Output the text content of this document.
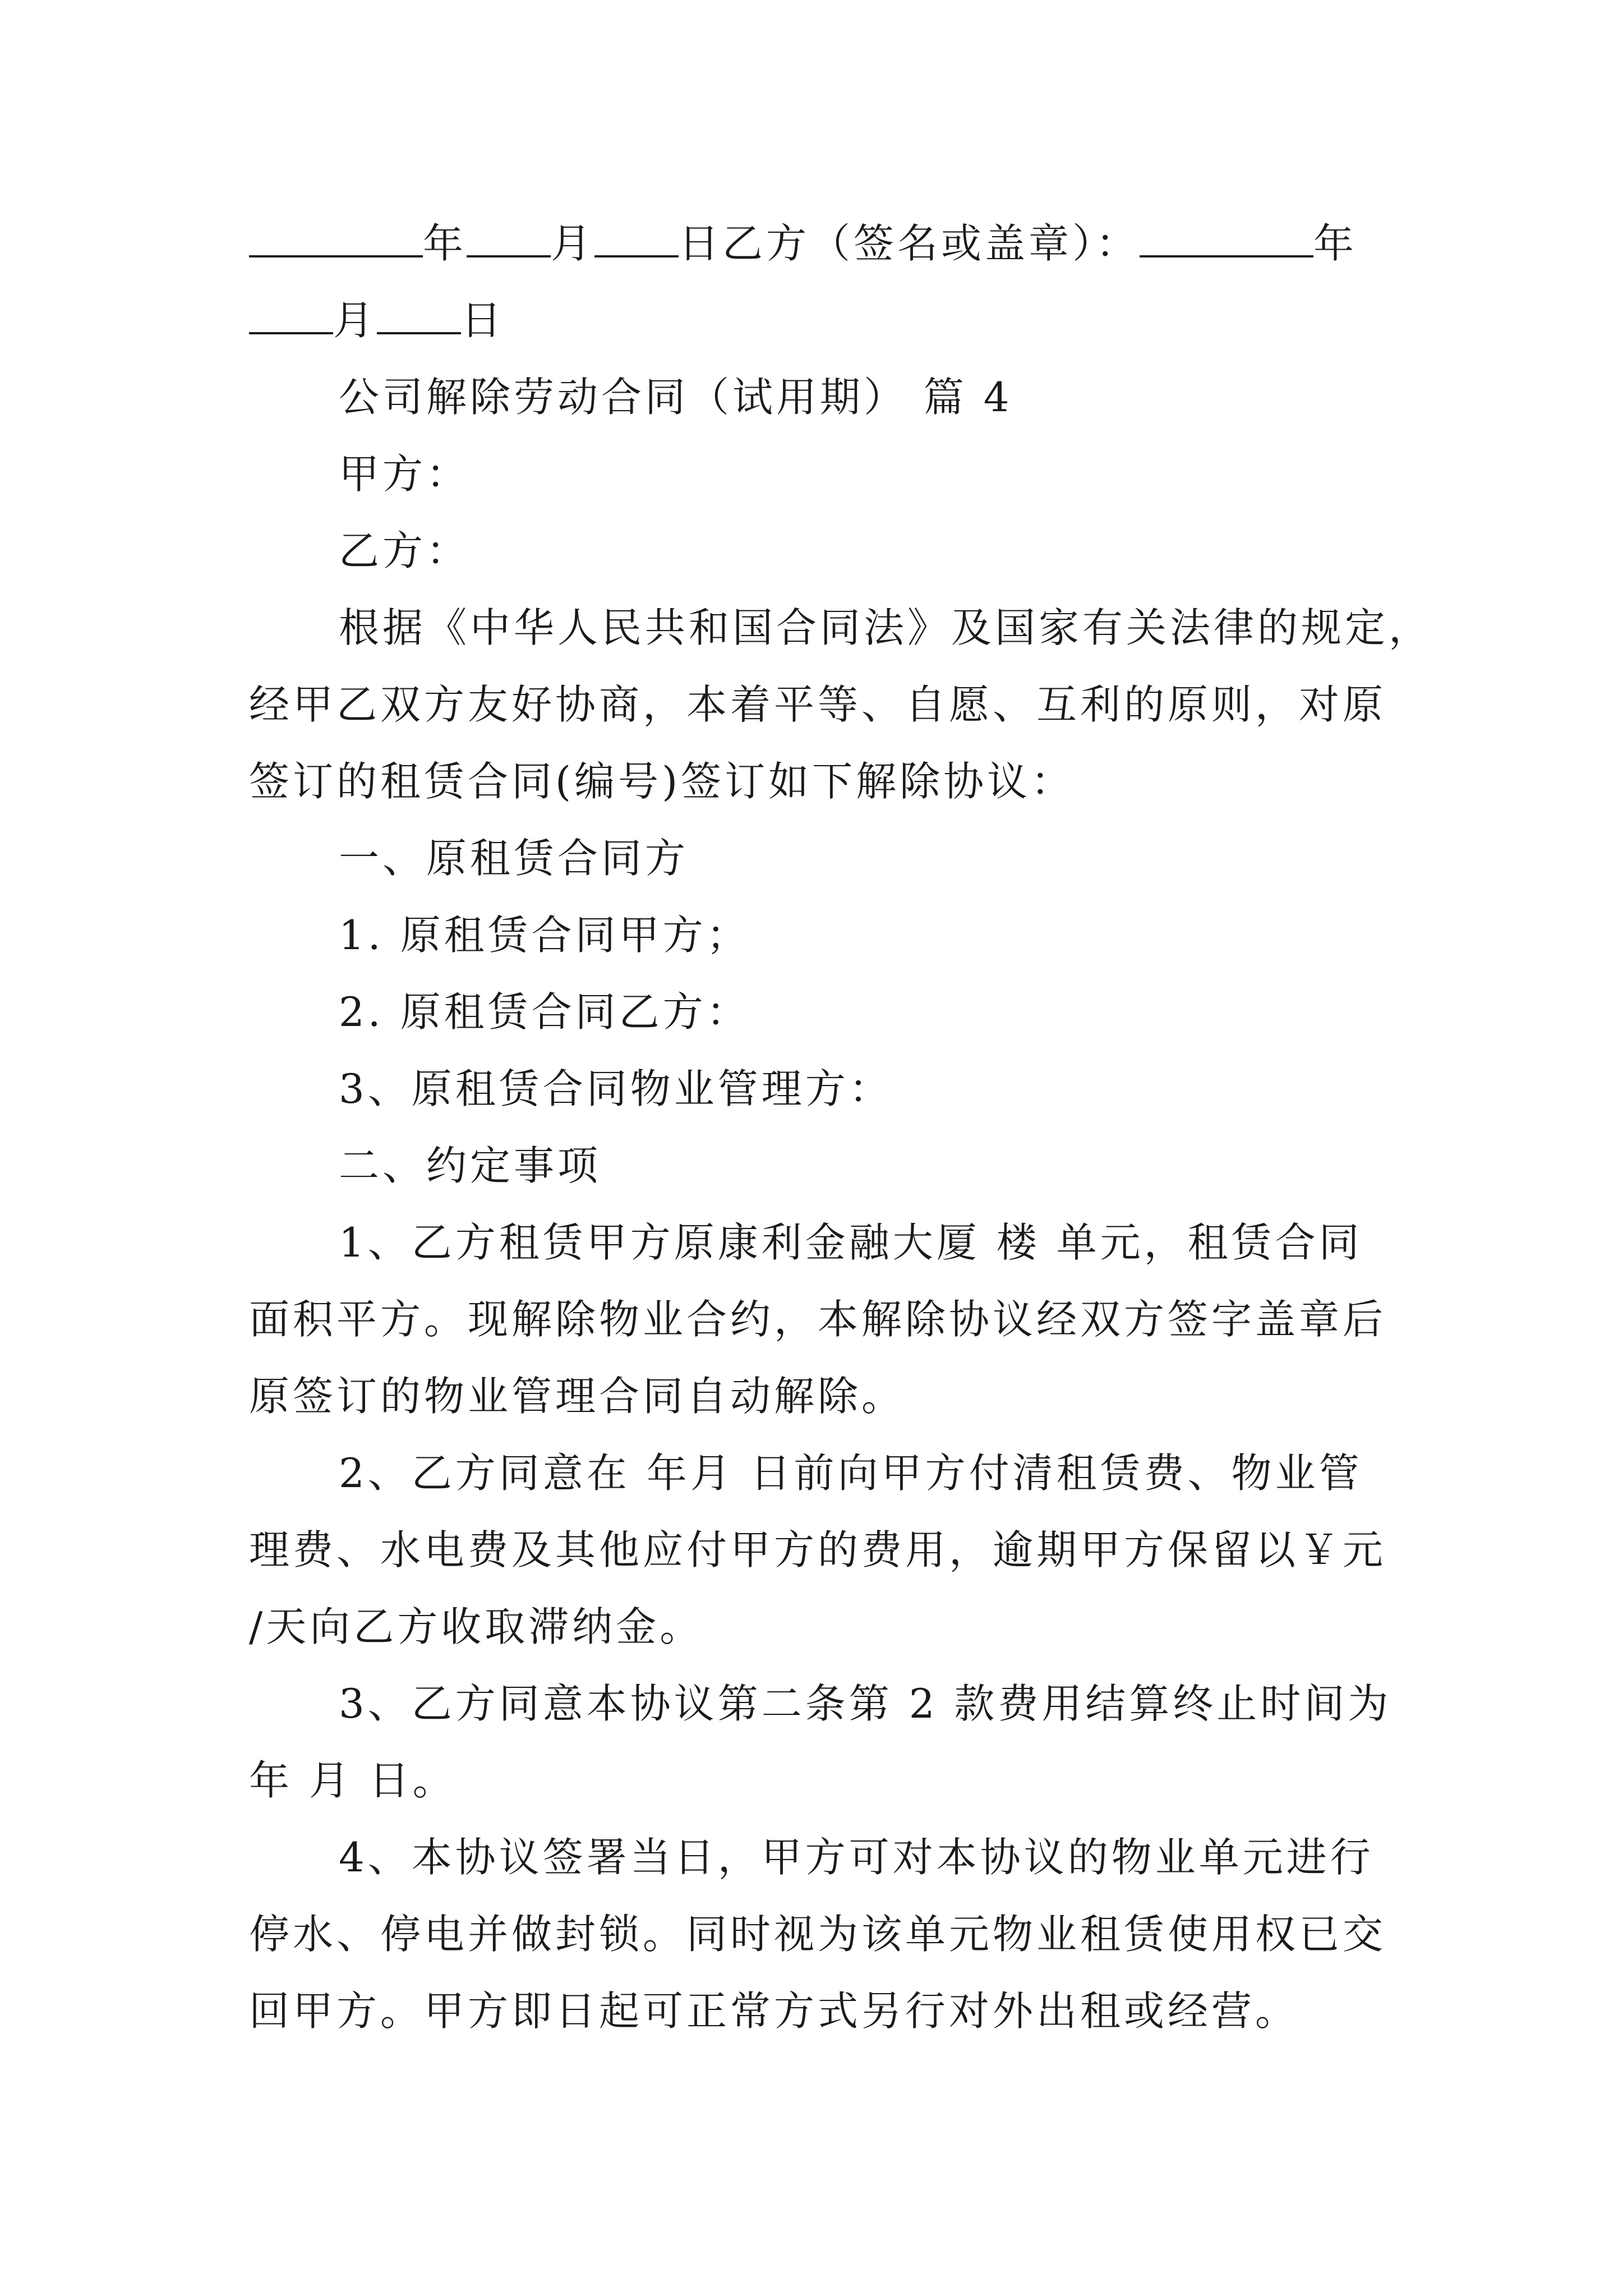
年 月 日乙方（签名或盖章）：	年
月 日
公司解除劳动合同（试用期） 篇 4
甲方：
乙方：
根据《中华人民共和国合同法》及国家有关法律的规定，
经甲乙双方友好协商，本着平等、自愿、互利的原则，对原
签订的租赁合同(编号)签订如下解除协议：
一、原租赁合同方
1. 原租赁合同甲方；
2. 原租赁合同乙方：
3、原租赁合同物业管理方：
二、约定事项
1、乙方租赁甲方原康利金融大厦 楼 单元，租赁合同
面积平方。现解除物业合约，本解除协议经双方签字盖章后
原签订的物业管理合同自动解除。
2、乙方同意在 年月 日前向甲方付清租赁费、物业管
理费、水电费及其他应付甲方的费用，逾期甲方保留以￥元
/天向乙方收取滞纳金。
3、乙方同意本协议第二条第 2 款费用结算终止时间为
年 月 日。
4、本协议签署当日，甲方可对本协议的物业单元进行
停水、停电并做封锁。同时视为该单元物业租赁使用权已交
回甲方。甲方即日起可正常方式另行对外出租或经营。
